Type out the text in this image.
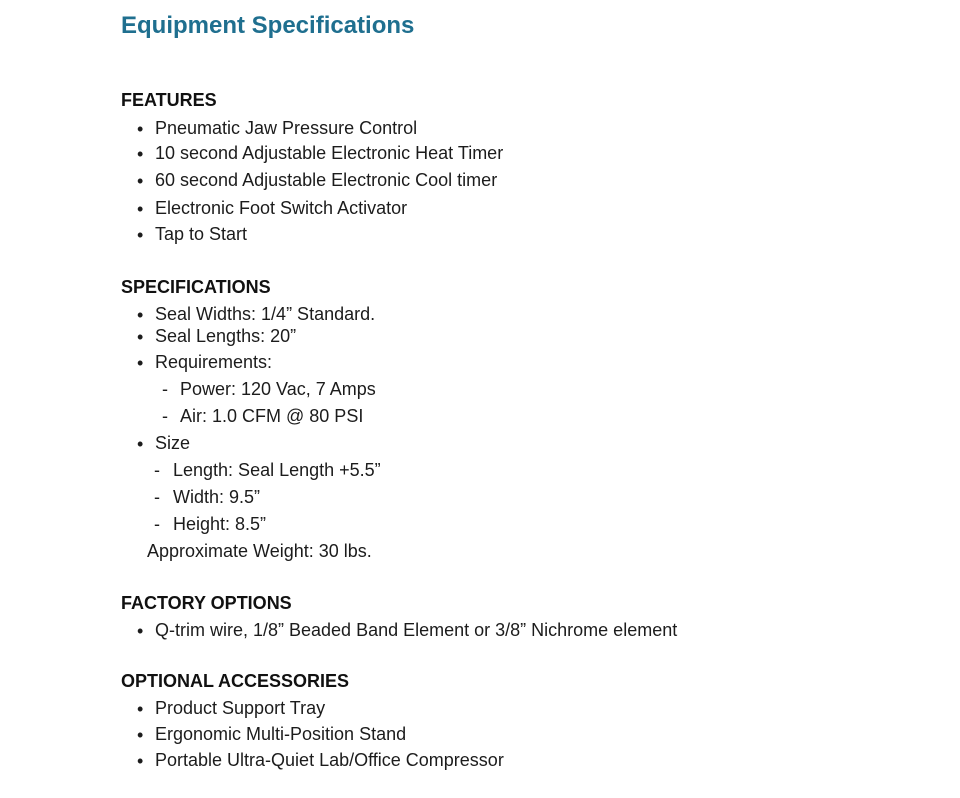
Equipment Specifications
FEATURES
• Pneumatic Jaw Pressure Control
• 10 second Adjustable Electronic Heat Timer
• 60 second Adjustable Electronic Cool timer
• Electronic Foot Switch Activator
• Tap to Start
SPECIFICATIONS
• Seal Widths: 1/4” Standard.
• Seal Lengths: 20”
• Requirements:
- Power: 120 Vac, 7 Amps
- Air: 1.0 CFM @ 80 PSI
• Size
- Length: Seal Length +5.5”
- Width: 9.5”
- Height: 8.5”
Approximate Weight: 30 lbs.
FACTORY OPTIONS
• Q-trim wire, 1/8” Beaded Band Element or 3/8” Nichrome element
OPTIONAL ACCESSORIES
• Product Support Tray
• Ergonomic Multi-Position Stand
• Portable Ultra-Quiet Lab/Office Compressor
